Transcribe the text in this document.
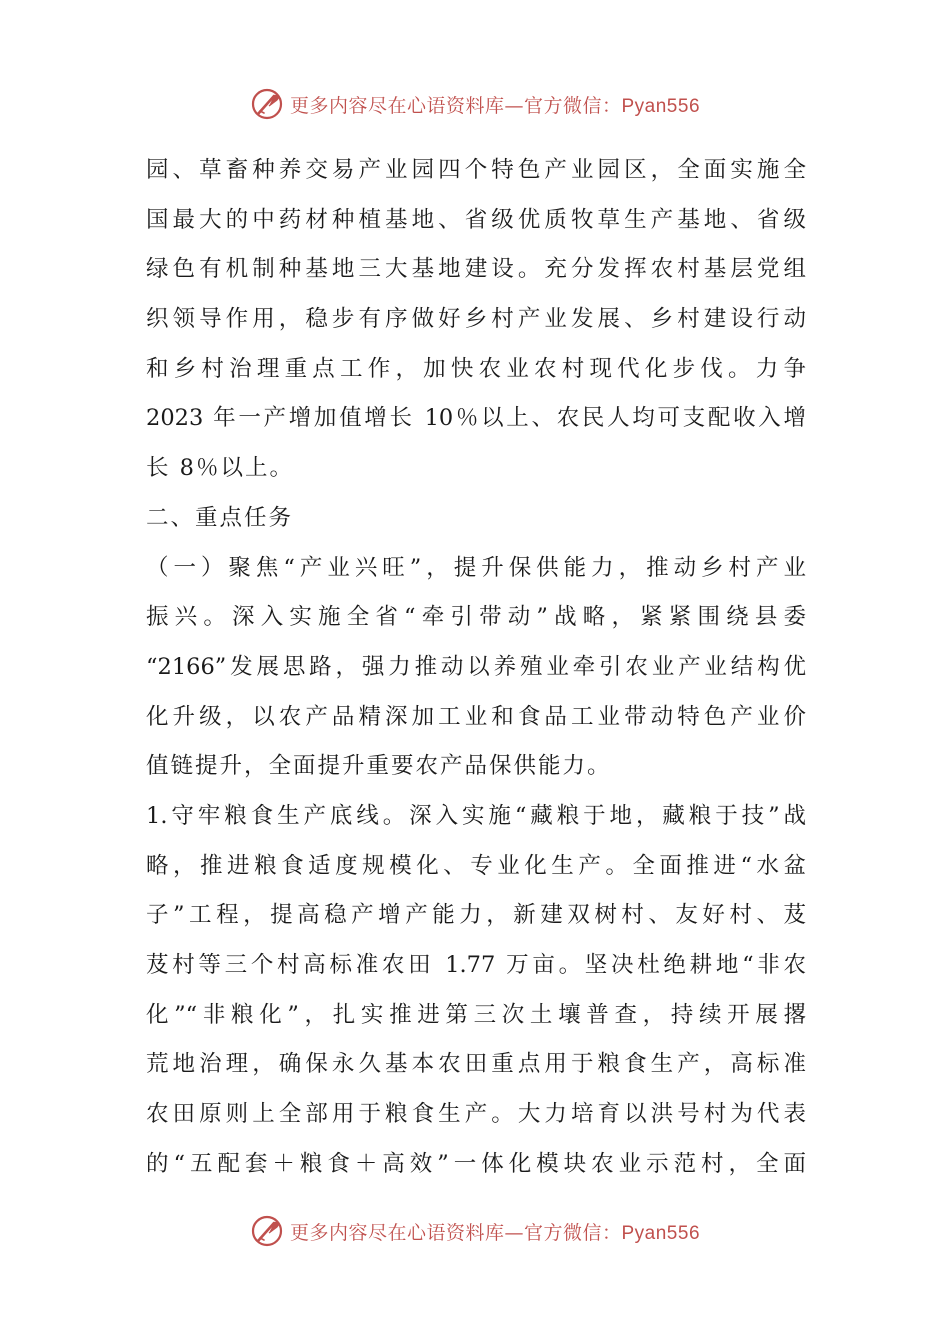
更多内容尽在心语资料库—官方微信：Pyan556
园、草畜种养交易产业园四个特色产业园区，全面实施全
国最大的中药材种植基地、省级优质牧草生产基地、省级
绿色有机制种基地三大基地建设。充分发挥农村基层党组
织领导作用，稳步有序做好乡村产业发展、乡村建设行动
和乡村治理重点工作，加快农业农村现代化步伐。力争
2023 年一产增加值增长 10％以上、农民人均可支配收入增
长 8％以上。
二、重点任务
（一）聚焦“产业兴旺”，提升保供能力，推动乡村产业
振兴。深入实施全省“牵引带动”战略，紧紧围绕县委
“2166”发展思路，强力推动以养殖业牵引农业产业结构优
化升级，以农产品精深加工业和食品工业带动特色产业价
值链提升，全面提升重要农产品保供能力。
1.守牢粮食生产底线。深入实施“藏粮于地，藏粮于技”战
略，推进粮食适度规模化、专业化生产。全面推进“水盆
子”工程，提高稳产增产能力，新建双树村、友好村、芨
芨村等三个村高标准农田 1.77 万亩。坚决杜绝耕地“非农
化”“非粮化”，扎实推进第三次土壤普查，持续开展撂
荒地治理，确保永久基本农田重点用于粮食生产，高标准
农田原则上全部用于粮食生产。大力培育以洪号村为代表
的“五配套＋粮食＋高效”一体化模块农业示范村，全面
更多内容尽在心语资料库—官方微信：Pyan556
